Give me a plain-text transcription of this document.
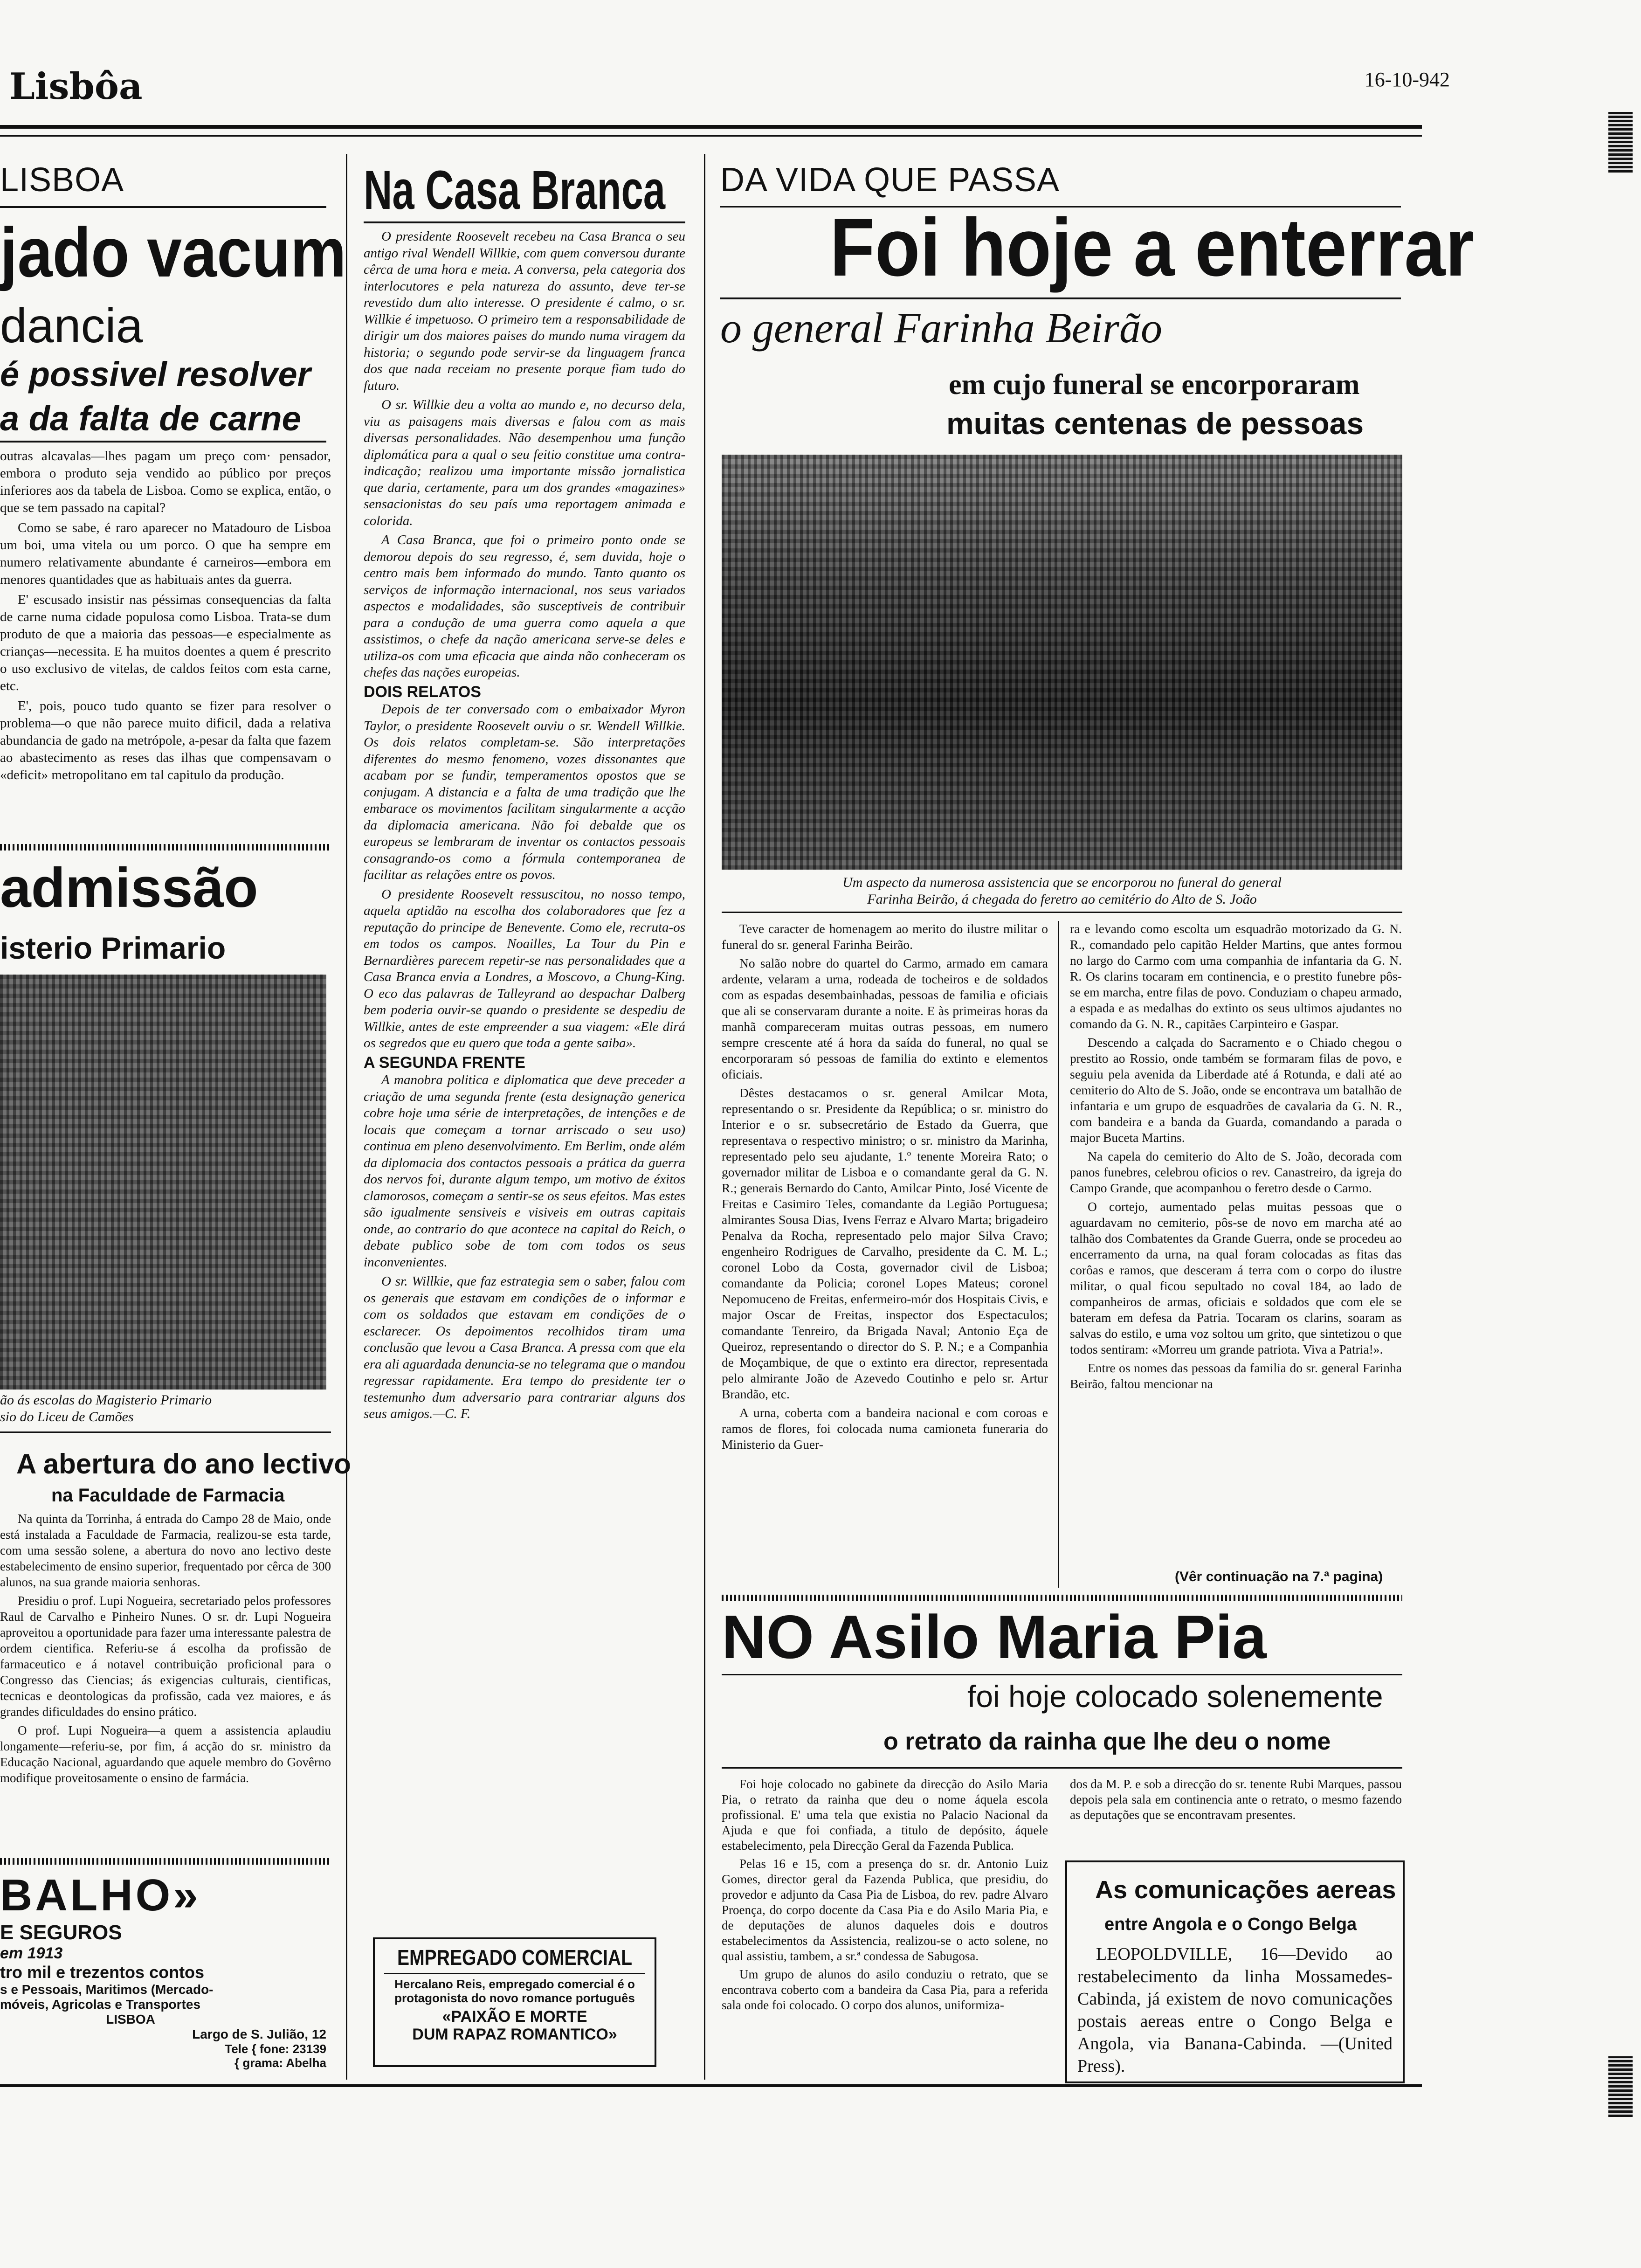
Lisbôa	16-10-942
LISBOA
jado vacum
dancia
é possivel resolver
a da falta de carne

outras alcavalas—lhes pagam um preço com· pensador, embora o produto seja vendido ao público por preços inferiores aos da tabela de Lisboa. Como se explica, então, o que se tem passado na capital?

Como se sabe, é raro aparecer no Matadouro de Lisboa um boi, uma vitela ou um porco. O que ha sempre em numero relativamente abundante é carneiros—embora em menores quantidades que as habituais antes da guerra.

E' escusado insistir nas péssimas consequencias da falta de carne numa cidade populosa como Lisboa. Trata-se dum produto de que a maioria das pessoas—e especialmente as crianças—necessita. E ha muitos doentes a quem é prescrito o uso exclusivo de vitelas, de caldos feitos com esta carne, etc.

E', pois, pouco tudo quanto se fizer para resolver o problema—o que não parece muito dificil, dada a relativa abundancia de gado na metrópole, a-pesar da falta que fazem ao abastecimento as reses das ilhas que compensavam o «deficit» metropolitano em tal capitulo da produção.

admissão
isterio Primario
ão ás escolas do Magisterio Primario
sio do Liceu de Camões
A abertura do ano lectivo
na Faculdade de Farmacia

Na quinta da Torrinha, á entrada do Campo 28 de Maio, onde está instalada a Faculdade de Farmacia, realizou-se esta tarde, com uma sessão solene, a abertura do novo ano lectivo deste estabelecimento de ensino superior, frequentado por cêrca de 300 alunos, na sua grande maioria senhoras.

Presidiu o prof. Lupi Nogueira, secretariado pelos professores Raul de Carvalho e Pinheiro Nunes. O sr. dr. Lupi Nogueira aproveitou a oportunidade para fazer uma interessante palestra de ordem cientifica. Referiu-se á escolha da profissão de farmaceutico e á notavel contribuição proficional para o Congresso das Ciencias; ás exigencias culturais, cientificas, tecnicas e deontologicas da profissão, cada vez maiores, e ás grandes dificuldades do ensino prático.

O prof. Lupi Nogueira—a quem a assistencia aplaudiu longamente—referiu-se, por fim, á acção do sr. ministro da Educação Nacional, aguardando que aquele membro do Govêrno modifique proveitosamente o ensino de farmácia.

BALHO»
E SEGUROS
em 1913
tro mil e trezentos contos
s e Pessoais, Maritimos (Mercado-
móveis, Agricolas e Transportes
LISBOA
Largo de S. Julião, 12
Tele { fone: 23139
{ grama: Abelha
Na Casa Branca

O presidente Roosevelt recebeu na Casa Branca o seu antigo rival Wendell Willkie, com quem conversou durante cêrca de uma hora e meia. A conversa, pela categoria dos interlocutores e pela natureza do assunto, deve ter-se revestido dum alto interesse. O presidente é calmo, o sr. Willkie é impetuoso. O primeiro tem a responsabilidade de dirigir um dos maiores paises do mundo numa viragem da historia; o segundo pode servir-se da linguagem franca dos que nada receiam no presente porque fiam tudo do futuro.

O sr. Willkie deu a volta ao mundo e, no decurso dela, viu as paisagens mais diversas e falou com as mais diversas personalidades. Não desempenhou uma função diplomática para a qual o seu feitio constitue uma contra-indicação; realizou uma importante missão jornalistica que daria, certamente, para um dos grandes «magazines» sensacionistas do seu país uma reportagem animada e colorida.

A Casa Branca, que foi o primeiro ponto onde se demorou depois do seu regresso, é, sem duvida, hoje o centro mais bem informado do mundo. Tanto quanto os serviços de informação internacional, nos seus variados aspectos e modalidades, são susceptiveis de contribuir para a condução de uma guerra como aquela a que assistimos, o chefe da nação americana serve-se deles e utiliza-os com uma eficacia que ainda não conheceram os chefes das nações europeias.

DOIS RELATOS

Depois de ter conversado com o embaixador Myron Taylor, o presidente Roosevelt ouviu o sr. Wendell Willkie. Os dois relatos completam-se. São interpretações diferentes do mesmo fenomeno, vozes dissonantes que acabam por se fundir, temperamentos opostos que se conjugam. A distancia e a falta de uma tradição que lhe embarace os movimentos facilitam singularmente a acção da diplomacia americana. Não foi debalde que os europeus se lembraram de inventar os contactos pessoais consagrando-os como a fórmula contemporanea de facilitar as relações entre os povos.

O presidente Roosevelt ressuscitou, no nosso tempo, aquela aptidão na escolha dos colaboradores que fez a reputação do principe de Benevente. Como ele, recruta-os em todos os campos. Noailles, La Tour du Pin e Bernardières parecem repetir-se nas personalidades que a Casa Branca envia a Londres, a Moscovo, a Chung-King. O eco das palavras de Talleyrand ao despachar Dalberg bem poderia ouvir-se quando o presidente se despediu de Willkie, antes de este empreender a sua viagem: «Ele dirá os segredos que eu quero que toda a gente saiba».

A SEGUNDA FRENTE

A manobra politica e diplomatica que deve preceder a criação de uma segunda frente (esta designação generica cobre hoje uma série de interpretações, de intenções e de locais que começam a tornar arriscado o seu uso) continua em pleno desenvolvimento. Em Berlim, onde além da diplomacia dos contactos pessoais a prática da guerra dos nervos foi, durante algum tempo, um motivo de éxitos clamorosos, começam a sentir-se os seus efeitos. Mas estes são igualmente sensiveis e visiveis em outras capitais onde, ao contrario do que acontece na capital do Reich, o debate publico sobe de tom com todos os seus inconvenientes.

O sr. Willkie, que faz estrategia sem o saber, falou com os generais que estavam em condições de o informar e com os soldados que estavam em condições de o esclarecer. Os depoimentos recolhidos tiram uma conclusão que levou a Casa Branca. A pressa com que ela era ali aguardada denuncia-se no telegrama que o mandou regressar rapidamente. Era tempo do presidente ter o testemunho dum adversario para contrariar alguns dos seus amigos.—C. F.

EMPREGADO COMERCIAL
Hercalano Reis, empregado comercial é o protagonista do novo romance português
«PAIXÃO E MORTE
DUM RAPAZ ROMANTICO»
DA VIDA QUE PASSA
Foi hoje a enterrar
o general Farinha Beirão
em cujo funeral se encorporaram
muitas centenas de pessoas
Um aspecto da numerosa assistencia que se encorporou no funeral do general
Farinha Beirão, á chegada do feretro ao cemitério do Alto de S. João

Teve caracter de homenagem ao merito do ilustre militar o funeral do sr. general Farinha Beirão.

No salão nobre do quartel do Carmo, armado em camara ardente, velaram a urna, rodeada de tocheiros e de soldados com as espadas desembainhadas, pessoas de familia e oficiais que ali se conservaram durante a noite. E às primeiras horas da manhã compareceram muitas outras pessoas, em numero sempre crescente até á hora da saída do funeral, no qual se encorporaram só pessoas de familia do extinto e elementos oficiais.

Dêstes destacamos o sr. general Amilcar Mota, representando o sr. Presidente da República; o sr. ministro do Interior e o sr. subsecretário de Estado da Guerra, que representava o respectivo ministro; o sr. ministro da Marinha, representado pelo seu ajudante, 1.º tenente Moreira Rato; o governador militar de Lisboa e o comandante geral da G. N. R.; generais Bernardo do Canto, Amilcar Pinto, José Vicente de Freitas e Casimiro Teles, comandante da Legião Portuguesa; almirantes Sousa Dias, Ivens Ferraz e Alvaro Marta; brigadeiro Penalva da Rocha, representado pelo major Silva Cravo; engenheiro Rodrigues de Carvalho, presidente da C. M. L.; coronel Lobo da Costa, governador civil de Lisboa; comandante da Policia; coronel Lopes Mateus; coronel Nepomuceno de Freitas, enfermeiro-mór dos Hospitais Civis, e major Oscar de Freitas, inspector dos Espectaculos; comandante Tenreiro, da Brigada Naval; Antonio Eça de Queiroz, representando o director do S. P. N.; e a Companhia de Moçambique, de que o extinto era director, representada pelo almirante João de Azevedo Coutinho e pelo sr. Artur Brandão, etc.

A urna, coberta com a bandeira nacional e com coroas e ramos de flores, foi colocada numa camioneta funeraria do Ministerio da Guer-

ra e levando como escolta um esquadrão motorizado da G. N. R., comandado pelo capitão Helder Martins, que antes formou no largo do Carmo com uma companhia de infantaria da G. N. R. Os clarins tocaram em continencia, e o prestito funebre pôs-se em marcha, entre filas de povo. Conduziam o chapeu armado, a espada e as medalhas do extinto os seus ultimos ajudantes no comando da G. N. R., capitães Carpinteiro e Gaspar.

Descendo a calçada do Sacramento e o Chiado chegou o prestito ao Rossio, onde também se formaram filas de povo, e seguiu pela avenida da Liberdade até á Rotunda, e dali até ao cemiterio do Alto de S. João, onde se encontrava um batalhão de infantaria e um grupo de esquadrões de cavalaria da G. N. R., com bandeira e a banda da Guarda, comandando a parada o major Buceta Martins.

Na capela do cemiterio do Alto de S. João, decorada com panos funebres, celebrou oficios o rev. Canastreiro, da igreja do Campo Grande, que acompanhou o feretro desde o Carmo.

O cortejo, aumentado pelas muitas pessoas que o aguardavam no cemiterio, pôs-se de novo em marcha até ao talhão dos Combatentes da Grande Guerra, onde se procedeu ao encerramento da urna, na qual foram colocadas as fitas das corôas e ramos, que desceram á terra com o corpo do ilustre militar, o qual ficou sepultado no coval 184, ao lado de companheiros de armas, oficiais e soldados que com ele se bateram em defesa da Patria. Tocaram os clarins, soaram as salvas do estilo, e uma voz soltou um grito, que sintetizou o que todos sentiram: «Morreu um grande patriota. Viva a Patria!».

Entre os nomes das pessoas da familia do sr. general Farinha Beirão, faltou mencionar na

(Vêr continuação na 7.ª pagina)
NO Asilo Maria Pia
foi hoje colocado solenemente
o retrato da rainha que lhe deu o nome

Foi hoje colocado no gabinete da direcção do Asilo Maria Pia, o retrato da rainha que deu o nome áquela escola profissional. E' uma tela que existia no Palacio Nacional da Ajuda e que foi confiada, a titulo de depósito, áquele estabelecimento, pela Direcção Geral da Fazenda Publica.

Pelas 16 e 15, com a presença do sr. dr. Antonio Luiz Gomes, director geral da Fazenda Publica, que presidiu, do provedor e adjunto da Casa Pia de Lisboa, do rev. padre Alvaro Proença, do corpo docente da Casa Pia e do Asilo Maria Pia, e de deputações de alunos daqueles dois e doutros estabelecimentos da Assistencia, realizou-se o acto solene, no qual assistiu, tambem, a sr.ª condessa de Sabugosa.

Um grupo de alunos do asilo conduziu o retrato, que se encontrava coberto com a bandeira da Casa Pia, para a referida sala onde foi colocado. O corpo dos alunos, uniformiza-

dos da M. P. e sob a direcção do sr. tenente Rubi Marques, passou depois pela sala em continencia ante o retrato, o mesmo fazendo as deputações que se encontravam presentes.

As comunicações aereas
entre Angola e o Congo Belga
LEOPOLDVILLE, 16—Devido ao restabelecimento da linha Mossamedes-Cabinda, já existem de novo comunicações postais aereas entre o Congo Belga e Angola, via Banana-Cabinda. —(United Press).
